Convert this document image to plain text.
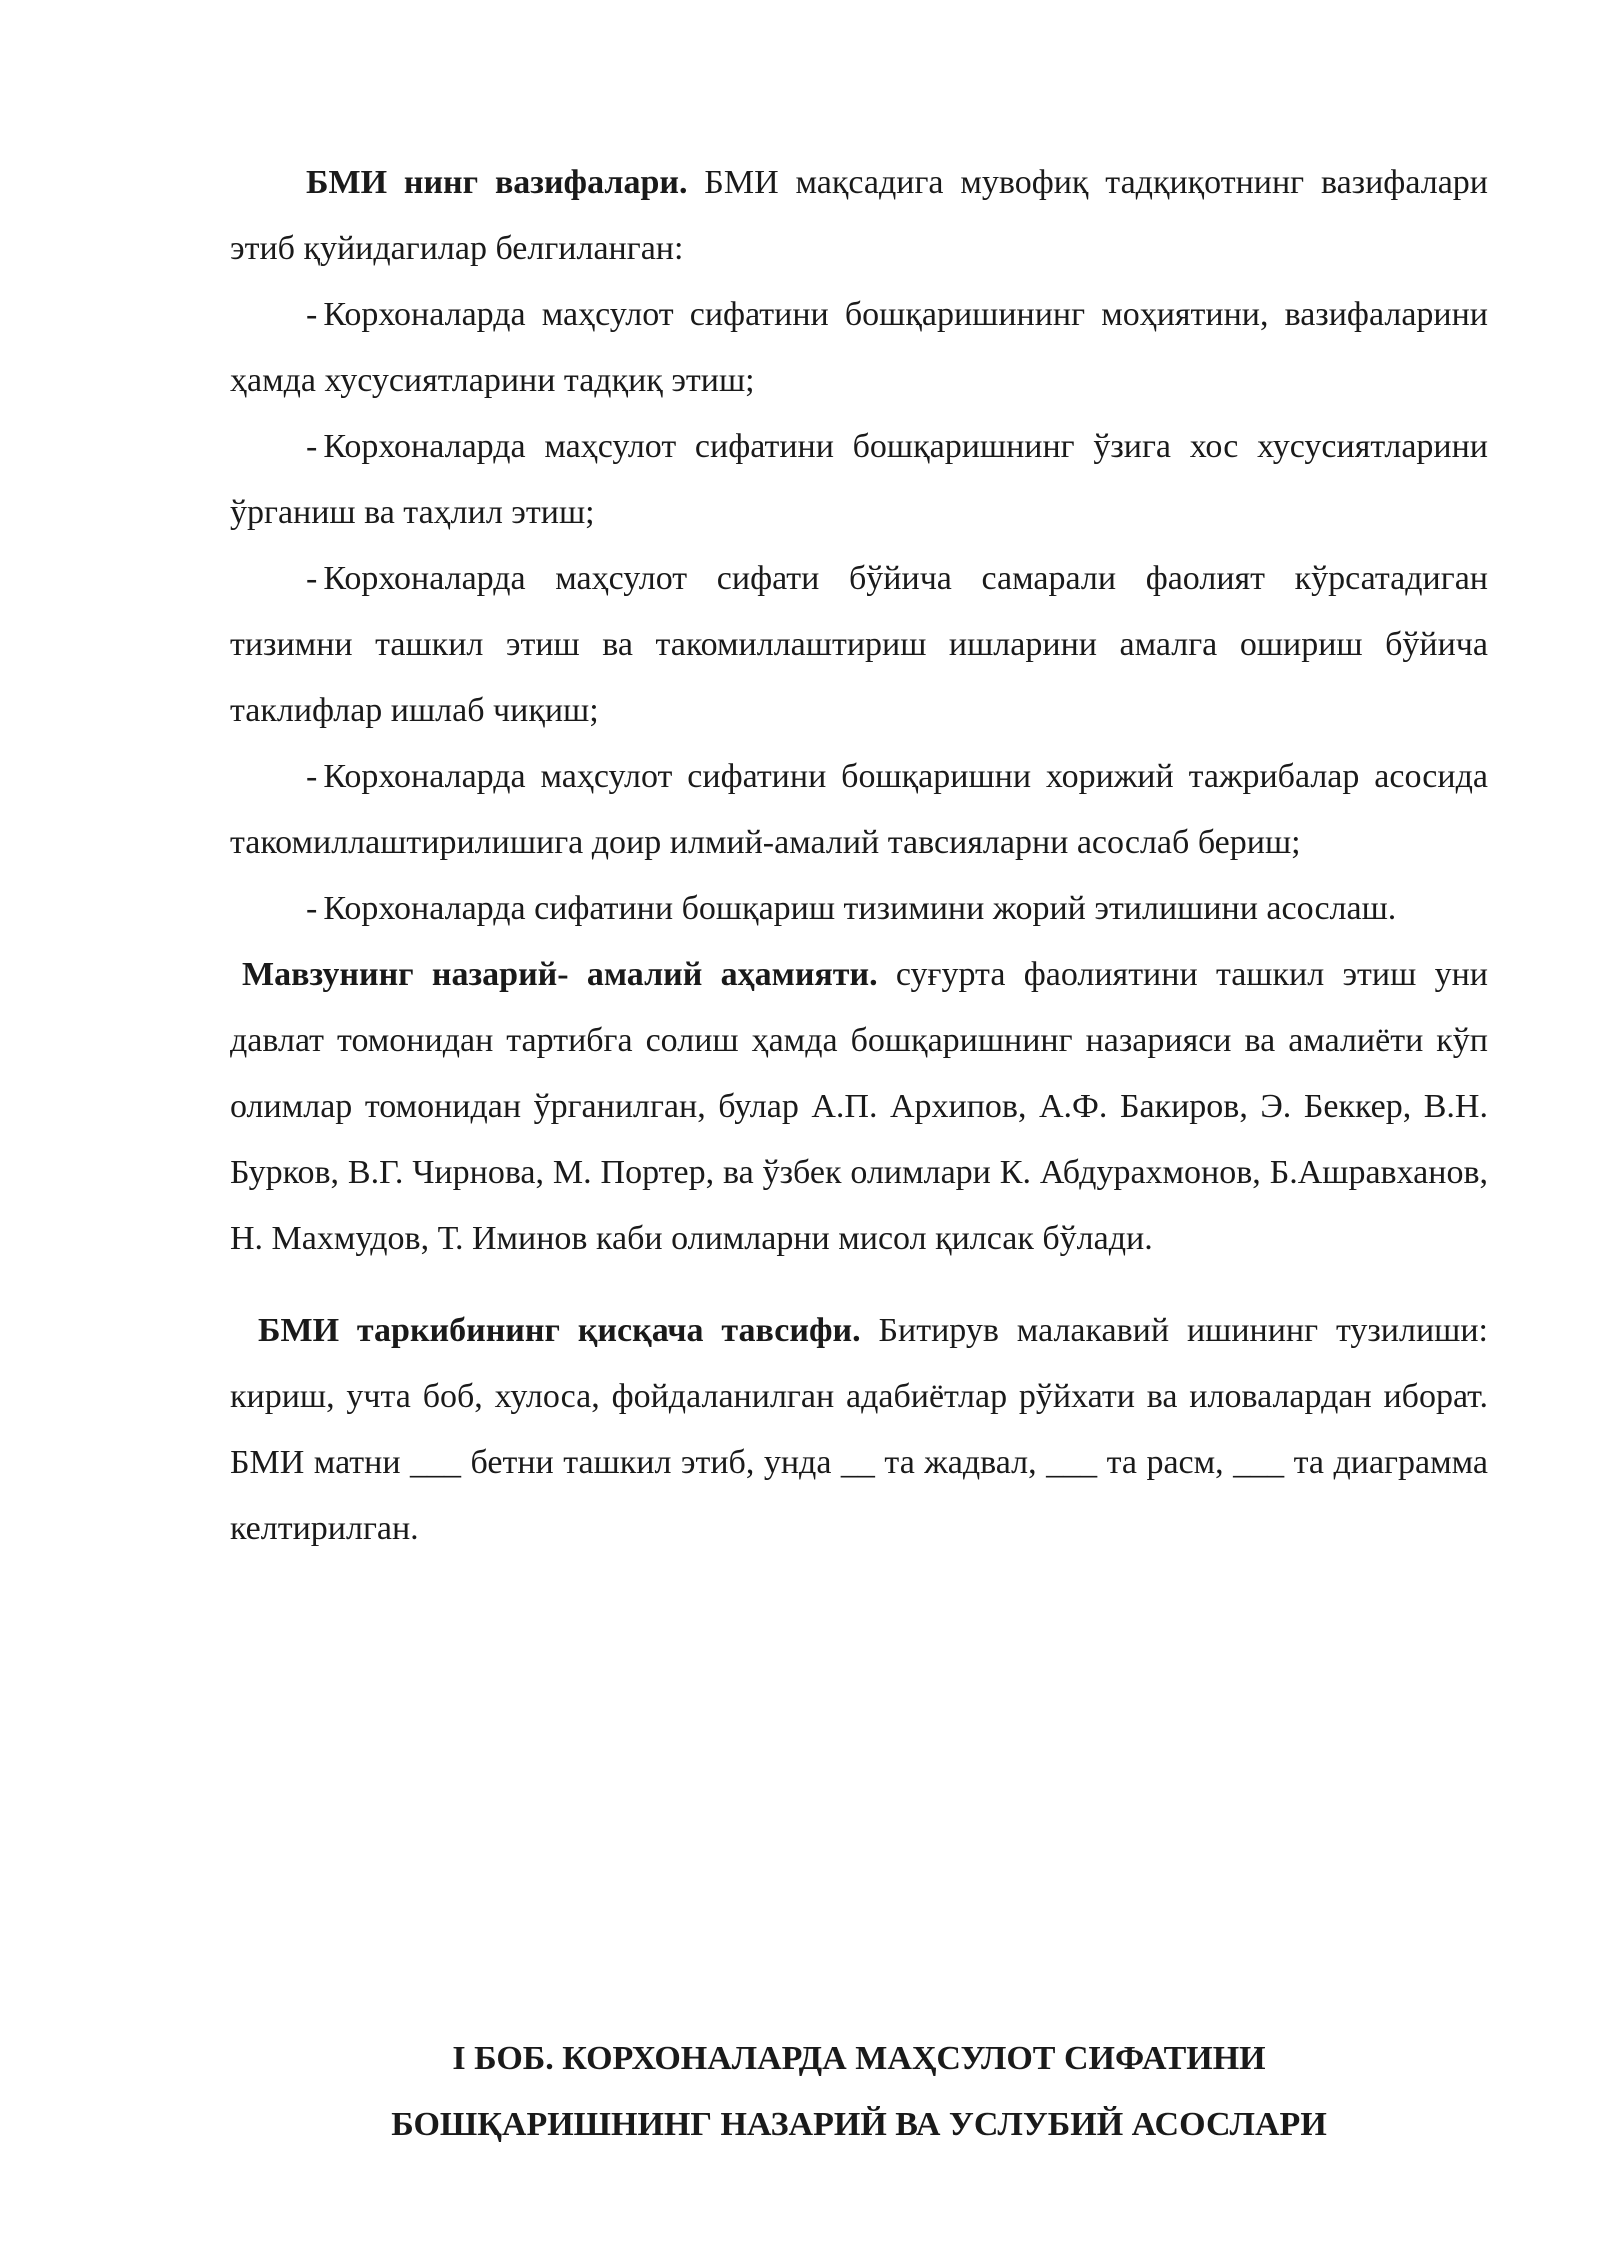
БМИ нинг вазифалари. БМИ мақсадига мувофиқ тадқиқотнинг вазифалари этиб қуйидагилар белгиланган:

- Корхоналарда маҳсулот сифатини бошқаришининг моҳиятини, вазифаларини ҳамда хусусиятларини тадқиқ этиш;

- Корхоналарда маҳсулот сифатини бошқаришнинг ўзига хос хусусиятларини ўрганиш ва таҳлил этиш;

- Корхоналарда маҳсулот сифати бўйича самарали фаолият кўрсатадиган тизимни ташкил этиш ва такомиллаштириш ишларини амалга ошириш бўйича таклифлар ишлаб чиқиш;

- Корхоналарда маҳсулот сифатини бошқаришни хорижий тажрибалар асосида такомиллаштирилишига доир илмий-амалий тавсияларни асослаб бериш;

- Корхоналарда сифатини бошқариш тизимини жорий этилишини асослаш.

Мавзунинг назарий- амалий аҳамияти. суғурта фаолиятини ташкил этиш уни давлат томонидан тартибга солиш ҳамда бошқаришнинг назарияси ва амалиёти кўп олимлар томонидан ўрганилган, булар А.П. Архипов, А.Ф. Бакиров, Э. Беккер, В.Н. Бурков, В.Г. Чирнова, М. Портер, ва ўзбек олимлари К. Абдурахмонов, Б.Ашравханов, Н. Махмудов, Т. Иминов каби олимларни мисол қилсак бўлади.

БМИ таркибининг қисқача тавсифи. Битирув малакавий ишининг тузилиши: кириш, учта боб, хулоса, фойдаланилган адабиётлар рўйхати ва иловалардан иборат. БМИ матни ___ бетни ташкил этиб, унда __ та жадвал, ___ та расм, ___ та диаграмма келтирилган.

I БОБ. КОРХОНАЛАРДА МАҲСУЛОТ СИФАТИНИ
БОШҚАРИШНИНГ НАЗАРИЙ ВА УСЛУБИЙ АСОСЛАРИ
